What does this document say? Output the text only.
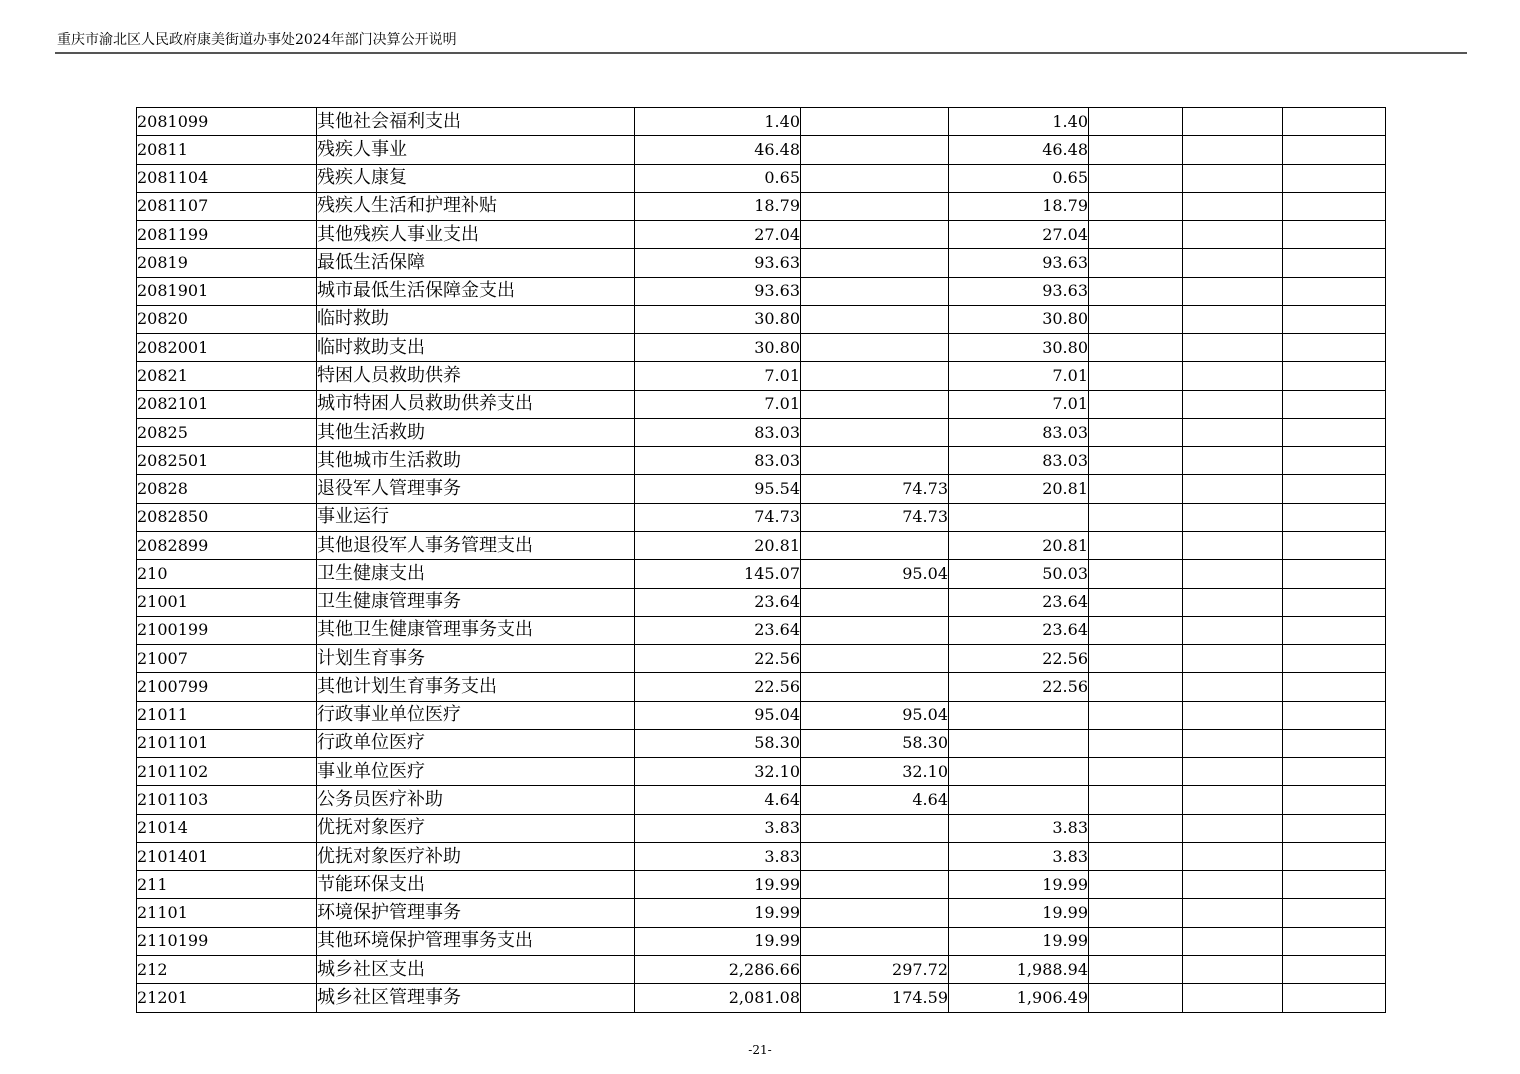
重庆市渝北区人民政府康美街道办事处2024年部门决算公开说明
2081099	其他社会福利支出	1.40		1.40			
20811	残疾人事业	46.48		46.48			
2081104	残疾人康复	0.65		0.65			
2081107	残疾人生活和护理补贴	18.79		18.79			
2081199	其他残疾人事业支出	27.04		27.04			
20819	最低生活保障	93.63		93.63			
2081901	城市最低生活保障金支出	93.63		93.63			
20820	临时救助	30.80		30.80			
2082001	临时救助支出	30.80		30.80			
20821	特困人员救助供养	7.01		7.01			
2082101	城市特困人员救助供养支出	7.01		7.01			
20825	其他生活救助	83.03		83.03			
2082501	其他城市生活救助	83.03		83.03			
20828	退役军人管理事务	95.54	74.73	20.81			
2082850	事业运行	74.73	74.73				
2082899	其他退役军人事务管理支出	20.81		20.81			
210	卫生健康支出	145.07	95.04	50.03			
21001	卫生健康管理事务	23.64		23.64			
2100199	其他卫生健康管理事务支出	23.64		23.64			
21007	计划生育事务	22.56		22.56			
2100799	其他计划生育事务支出	22.56		22.56			
21011	行政事业单位医疗	95.04	95.04				
2101101	行政单位医疗	58.30	58.30				
2101102	事业单位医疗	32.10	32.10				
2101103	公务员医疗补助	4.64	4.64				
21014	优抚对象医疗	3.83		3.83			
2101401	优抚对象医疗补助	3.83		3.83			
211	节能环保支出	19.99		19.99			
21101	环境保护管理事务	19.99		19.99			
2110199	其他环境保护管理事务支出	19.99		19.99			
212	城乡社区支出	2,286.66	297.72	1,988.94			
21201	城乡社区管理事务	2,081.08	174.59	1,906.49			
-21-
